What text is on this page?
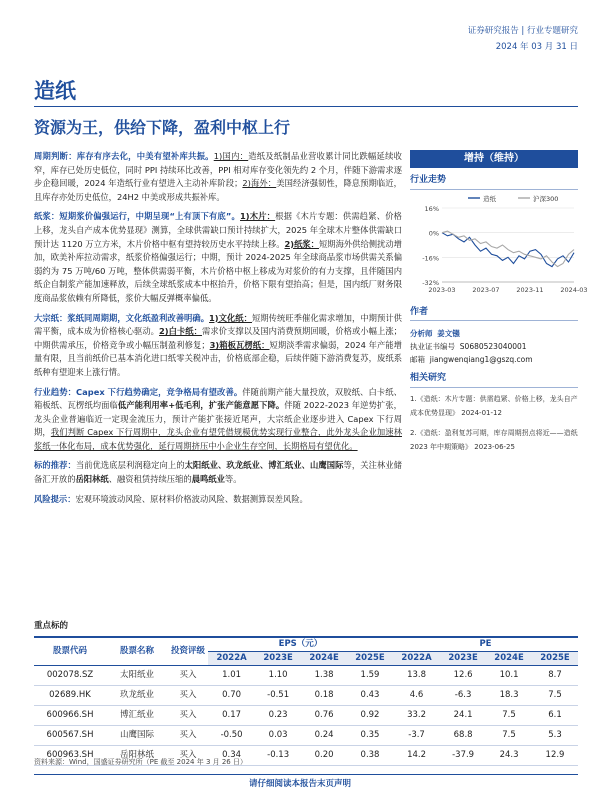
证券研究报告 | 行业专题研究
2024 年 03 月 31 日
造纸
资源为王，供给下降，盈利中枢上行

周期判断：库存有序去化，中美有望补库共振。1)国内：造纸及纸制品业营收累计同比跌幅延续收窄，库存已处历史低位，同时 PPI 持续环比改善，PPI 相对库存变化领先约 2 个月，伴随下游需求逐步企稳回暖，2024 年造纸行业有望进入主动补库阶段；2)海外：美国经济强韧性，降息预期临近，且库存亦处历史低位，24H2 中美或形成共振补库。

纸浆：短期浆价偏强运行，中期呈现“上有顶下有底”。1)木片：根据《木片专题：供需趋紧、价格上移，龙头自产成本优势显现》测算，全球供需缺口预计持续扩大，2025 年全球木片整体供需缺口预计达 1120 万立方米，木片价格中枢有望持较历史水平持续上移。2)纸浆：短期海外供给侧扰动增加，欧美补库拉动需求，纸浆价格偏强运行；中期，预计 2024-2025 年全球商品浆市场供需关系偏弱约为 75 万吨/60 万吨，整体供需弱平衡，木片价格中枢上移成为对浆价的有力支撑，且伴随国内纸企自制浆产能加速释放，后续全球纸浆成本中枢抬升，价格下限有望抬高；但是，国内纸厂财务限度商品浆依赖有所降低，浆价大幅反弹概率偏低。

大宗纸：浆纸同周期期，文化纸盈利改善明确。1)文化纸：短期传统旺季催化需求增加，中期预计供需平衡，成本成为价格核心驱动。2)白卡纸：需求价支撑以及国内消费预期回暖，价格或小幅上涨；中期供需承压，价格竞争或小幅压制盈利修复；3)箱板瓦楞纸：短期淡季需求偏弱，2024 年产能增量有限，且当前纸价已基本消化进口纸零关税冲击，价格底部企稳，后续伴随下游消费复苏，废纸系纸种有望迎来上涨行情。

行业趋势：Capex 下行趋势确定，竞争格局有望改善。伴随前期产能大量投放，双胶纸、白卡纸、箱板纸、瓦楞纸均面临低产能利用率+低毛利，扩张产能意愿下降。伴随 2022-2023 年逆势扩张，龙头企业普遍临近一定现金流压力，预计产能扩张接近尾声，大宗纸企业逐步进入 Capex 下行周期，我们判断 Capex 下行周期中，龙头企业有望凭借规模优势实现行业整合，此外龙头企业加速林浆纸一体化布局，成本优势强化，延行周期挤压中小企业生存空间，长期格局有望优化。

标的推荐：当前优选底层利润稳定向上的太阳纸业、玖龙纸业、博汇纸业、山鹰国际等，关注林业储备汇开放的岳阳林纸、融资租赁持续压缩的晨鸣纸业等。

风险提示：宏观环境波动风险、原材料价格波动风险、数据测算误差风险。

增持（维持）
行业走势
16%
0%
-16%
-32%
2023-03	2023-07	2023-11	2024-03
造纸	沪深300
作者
分析师 姜文镪
执业证书编号 S0680523040001
邮箱 jiangwenqiang1@gszq.com
相关研究
1.《造纸：木片专题：供需趋紧、价格上移，龙头自产成本优势显现》 2024-01-12
2.《造纸：盈利复苏可期，库存周期拐点将近——造纸2023 年中期策略》 2023-06-25
重点标的
股票代码	股票名称	投资评级	EPS（元）				PE			
			2022A	2023E	2024E	2025E	2022A	2023E	2024E	2025E
002078.SZ	太阳纸业	买入	1.01	1.10	1.38	1.59	13.8	12.6	10.1	8.7
02689.HK	玖龙纸业	买入	0.70	-0.51	0.18	0.43	4.6	-6.3	18.3	7.5
600966.SH	博汇纸业	买入	0.17	0.23	0.76	0.92	33.2	24.1	7.5	6.1
600567.SH	山鹰国际	买入	-0.50	0.03	0.24	0.35	-3.7	68.8	7.5	5.3
600963.SH	岳阳林纸	买入	0.34	-0.13	0.20	0.38	14.2	-37.9	24.3	12.9
资料来源：Wind，国盛证券研究所（PE 截至 2024 年 3 月 26 日）
请仔细阅读本报告末页声明
